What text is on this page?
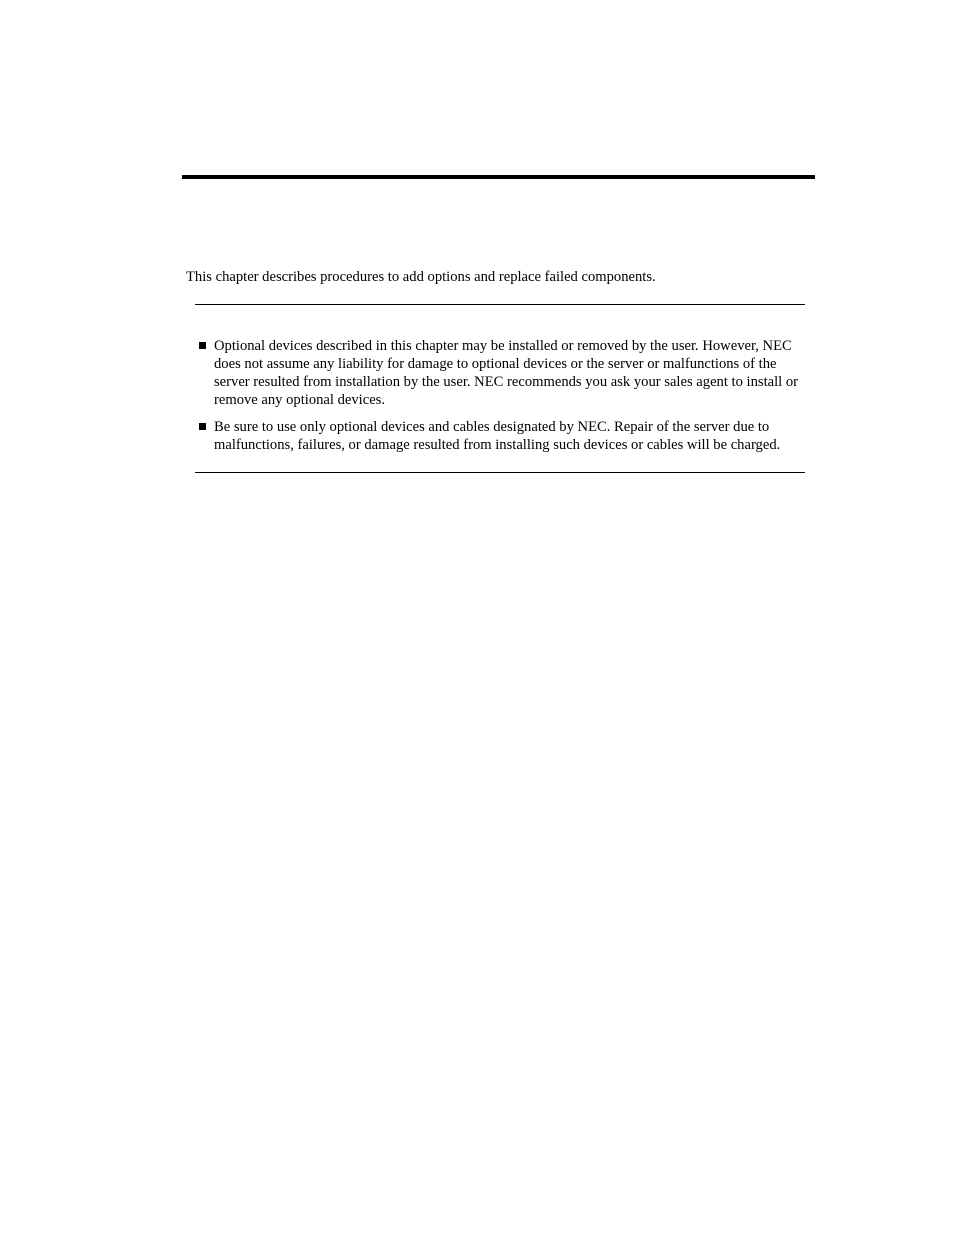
This chapter describes procedures to add options and replace failed components.

Optional devices described in this chapter may be installed or removed by the user. However, NEC does not assume any liability for damage to optional devices or the server or malfunctions of the server resulted from installation by the user. NEC recommends you ask your sales agent to install or remove any optional devices.
Be sure to use only optional devices and cables designated by NEC. Repair of the server due to malfunctions, failures, or damage resulted from installing such devices or cables will be charged.
